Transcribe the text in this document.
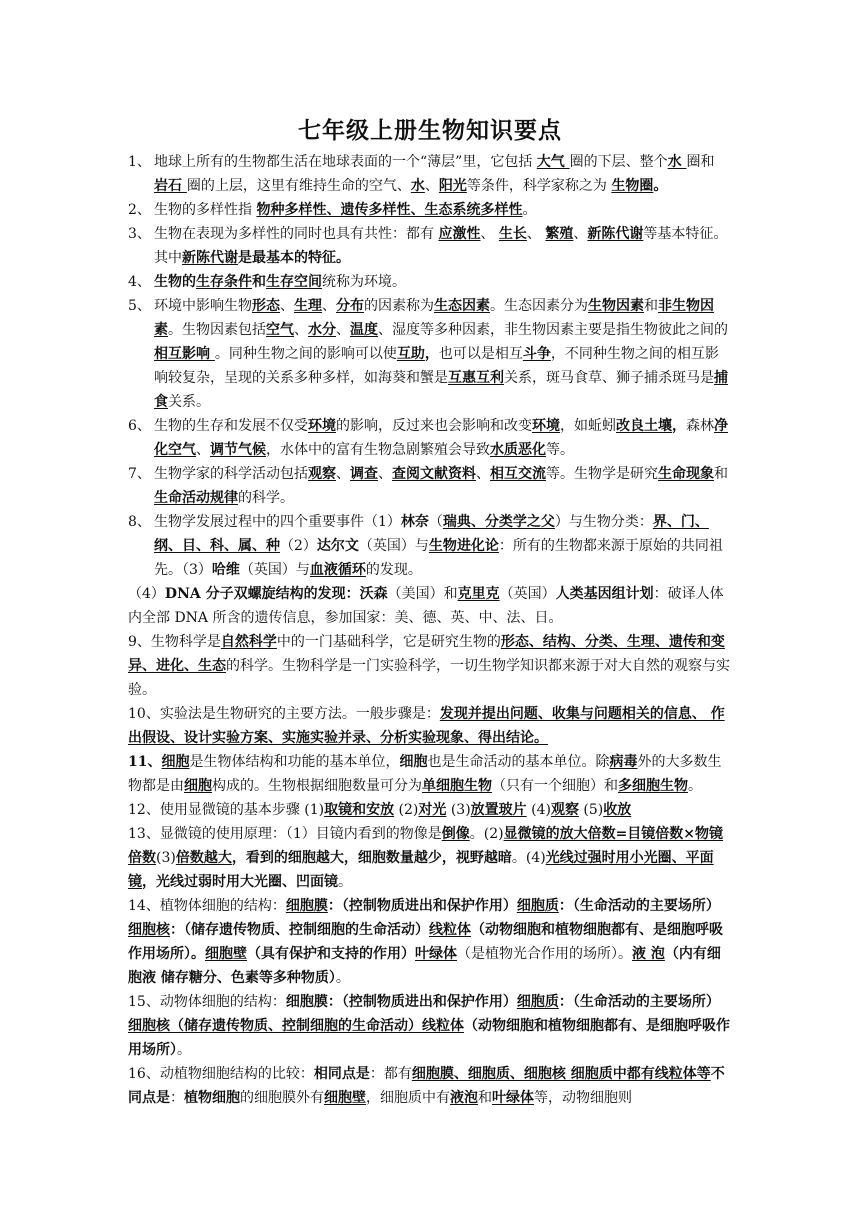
七年级上册生物知识要点
1、 地球上所有的生物都生活在地球表面的一个“薄层”里，它包括 大气 圈的下层、整个水 圈和 岩石 圈的上层，这里有维持生命的空气、水、阳光等条件，科学家称之为 生物圈。
2、 生物的多样性指 物种多样性、遗传多样性、生态系统多样性。
3、 生物在表现为多样性的同时也具有共性：都有 应激性、 生长、 繁殖、新陈代谢等基本特征。其中新陈代谢是最基本的特征。
4、 生物的生存条件和生存空间统称为环境。
5、 环境中影响生物形态、生理、分布的因素称为生态因素。生态因素分为生物因素和非生物因素。生物因素包括空气、水分、温度、湿度等多种因素，非生物因素主要是指生物彼此之间的相互影响 。同种生物之间的影响可以使互助，也可以是相互斗争，不同种生物之间的相互影响较复杂，呈现的关系多种多样，如海葵和蟹是互惠互利关系，斑马食草、狮子捕杀斑马是捕食关系。
6、 生物的生存和发展不仅受环境的影响，反过来也会影响和改变环境，如蚯蚓改良土壤，森林净化空气、调节气候，水体中的富有生物急剧繁殖会导致水质恶化等。
7、 生物学家的科学活动包括观察、调查、查阅文献资料、相互交流等。生物学是研究生命现象和生命活动规律的科学。
8、 生物学发展过程中的四个重要事件（1）林奈（瑞典、分类学之父）与生物分类：界、门、纲、目、科、属、种（2）达尔文（英国）与生物进化论：所有的生物都来源于原始的共同祖先。（3）哈维（英国）与血液循环的发现。
（4）DNA 分子双螺旋结构的发现：沃森（美国）和克里克（英国）人类基因组计划：破译人体内全部 DNA 所含的遗传信息，参加国家：美、德、英、中、法、日。
9、生物科学是自然科学中的一门基础科学，它是研究生物的形态、结构、分类、生理、遗传和变异、进化、生态的科学。生物科学是一门实验科学，一切生物学知识都来源于对大自然的观察与实验。
10、实验法是生物研究的主要方法。一般步骤是：发现并提出问题、收集与问题相关的信息、 作出假设、设计实验方案、实施实验并录、分析实验现象、得出结论。
11、细胞是生物体结构和功能的基本单位，细胞也是生命活动的基本单位。除病毒外的大多数生物都是由细胞构成的。生物根据细胞数量可分为单细胞生物（只有一个细胞）和多细胞生物。
12、使用显微镜的基本步骤 (1)取镜和安放 (2)对光 (3)放置玻片 (4)观察 (5)收放
13、显微镜的使用原理：（1）目镜内看到的物像是倒像。(2)显微镜的放大倍数=目镜倍数×物镜倍数(3)倍数越大，看到的细胞越大，细胞数量越少，视野越暗。(4)光线过强时用小光圈、平面镜，光线过弱时用大光圈、凹面镜。
14、植物体细胞的结构：细胞膜：（控制物质进出和保护作用）细胞质：（生命活动的主要场所）细胞核：（储存遗传物质、控制细胞的生命活动）线粒体（动物细胞和植物细胞都有、是细胞呼吸作用场所）。细胞壁（具有保护和支持的作用）叶绿体（是植物光合作用的场所）。液 泡（内有细胞液 储存糖分、色素等多种物质）。
15、动物体细胞的结构：细胞膜：（控制物质进出和保护作用）细胞质：（生命活动的主要场所）细胞核（储存遗传物质、控制细胞的生命活动）线粒体（动物细胞和植物细胞都有、是细胞呼吸作用场所）。
16、动植物细胞结构的比较：相同点是：都有细胞膜、细胞质、细胞核 细胞质中都有线粒体等不同点是：植物细胞的细胞膜外有细胞壁，细胞质中有液泡和叶绿体等，动物细胞则
